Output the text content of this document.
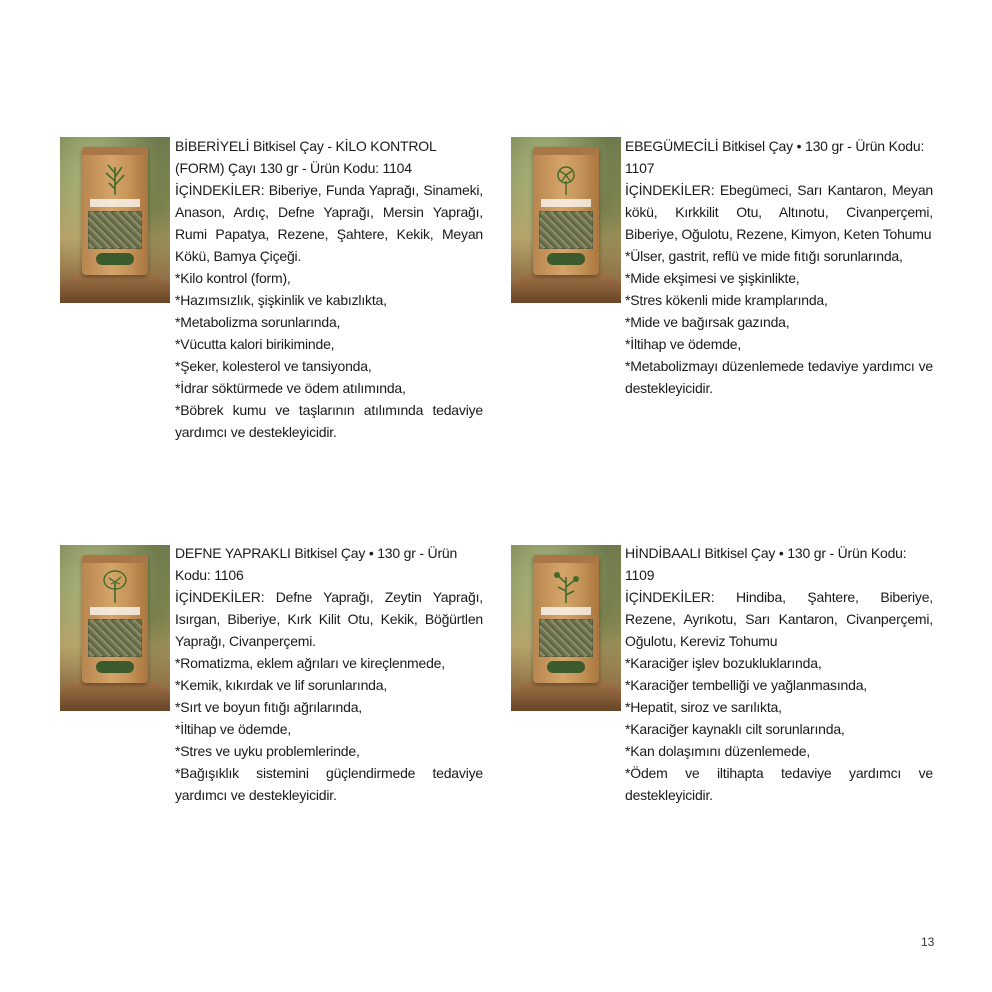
BİBERİYELİ Bitkisel Çay - KİLO KONTROL (FORM) Çayı 130 gr - Ürün Kodu: 1104

İÇİNDEKİLER: Biberiye, Funda Yaprağı, Sinameki, Anason, Ardıç, Defne Yaprağı, Mersin Yaprağı, Rumi Papatya, Rezene, Şahtere, Kekik, Meyan Kökü, Bamya Çiçeği.

*Kilo kontrol (form),

*Hazımsızlık, şişkinlik ve kabızlıkta,

*Metabolizma sorunlarında,

*Vücutta kalori birikiminde,

*Şeker, kolesterol ve tansiyonda,

*İdrar söktürmede ve ödem atılımında,

*Böbrek kumu ve taşlarının atılımında tedaviye yardımcı ve destekleyicidir.

EBEGÜMECİLİ Bitkisel Çay • 130 gr - Ürün Kodu: 1107

İÇİNDEKİLER: Ebegümeci, Sarı Kantaron, Meyan kökü, Kırkkilit Otu, Altınotu, Civanperçemi, Biberiye, Oğulotu, Rezene, Kimyon, Keten Tohumu

*Ülser, gastrit, reflü ve mide fıtığı sorunlarında,

*Mide ekşimesi ve şişkinlikte,

*Stres kökenli mide kramplarında,

*Mide ve bağırsak gazında,

*İltihap ve ödemde,

*Metabolizmayı düzenlemede tedaviye yardımcı ve destekleyicidir.

DEFNE YAPRAKLI Bitkisel Çay • 130 gr - Ürün Kodu: 1106

İÇİNDEKİLER: Defne Yaprağı, Zeytin Yaprağı, Isırgan, Biberiye, Kırk Kilit Otu, Kekik, Böğürtlen Yaprağı, Civanperçemi.

*Romatizma, eklem ağrıları ve kireçlenmede,

*Kemik, kıkırdak ve lif sorunlarında,

*Sırt ve boyun fıtığı ağrılarında,

*İltihap ve ödemde,

*Stres ve uyku problemlerinde,

*Bağışıklık sistemini güçlendirmede tedaviye yardımcı ve destekleyicidir.

HİNDİBAALI Bitkisel Çay • 130 gr - Ürün Kodu: 1109

İÇİNDEKİLER: Hindiba, Şahtere, Biberiye, Rezene, Ayrıkotu, Sarı Kantaron, Civanperçemi, Oğulotu, Kereviz Tohumu

*Karaciğer işlev bozukluklarında,

*Karaciğer tembelliği ve yağlanmasında,

*Hepatit, siroz ve sarılıkta,

*Karaciğer kaynaklı cilt sorunlarında,

*Kan dolaşımını düzenlemede,

*Ödem ve iltihapta tedaviye yardımcı ve destekleyicidir.

13
